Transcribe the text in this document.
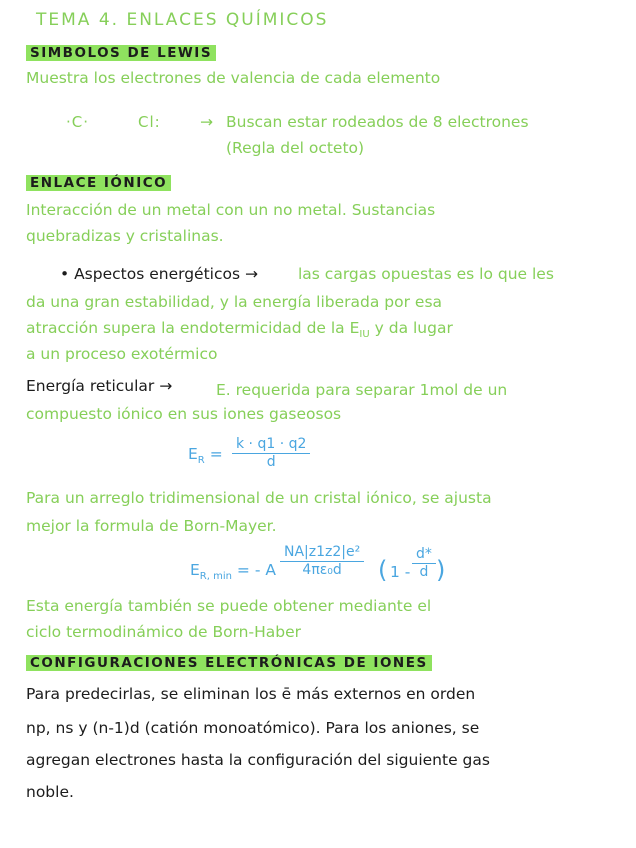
TEMA 4. ENLACES QUÍMICOS
SIMBOLOS DE LEWIS
Muestra los electrones de valencia de cada elemento
·C·	Cl:	→ Buscan estar rodeados de 8 electrones
(Regla del octeto)
ENLACE IÓNICO
Interacción de un metal con un no metal. Sustancias
quebradizas y cristalinas.
• Aspectos energéticos →	las cargas opuestas es lo que les
da una gran estabilidad, y la energía liberada por esa
atracción supera la endotermicidad de la $E_{IU}$ y da lugar
a un proceso exotérmico
Energía reticular →	E. requerida para separar 1mol de un
compuesto iónico en sus iones gaseosos
$E_R = \frac{k \cdot q1 \cdot q2}{d}$
Para un arreglo tridimensional de un cristal iónico, se ajusta
mejor la formula de Born-Mayer.
$E_{R, min}$ = - A $\frac{\text{NA|z1z2|e²}}{\text{4πε₀d}}$ ( $1 - \frac{d*}{d}$ )
Esta energía también se puede obtener mediante el
ciclo termodinámico de Born-Haber
CONFIGURACIONES ELECTRÓNICAS DE IONES
Para predecirlas, se eliminan los ē más externos en orden
np, ns y (n-1)d (catión monoatómico). Para los aniones, se
agregan electrones hasta la configuración del siguiente gas
noble.
